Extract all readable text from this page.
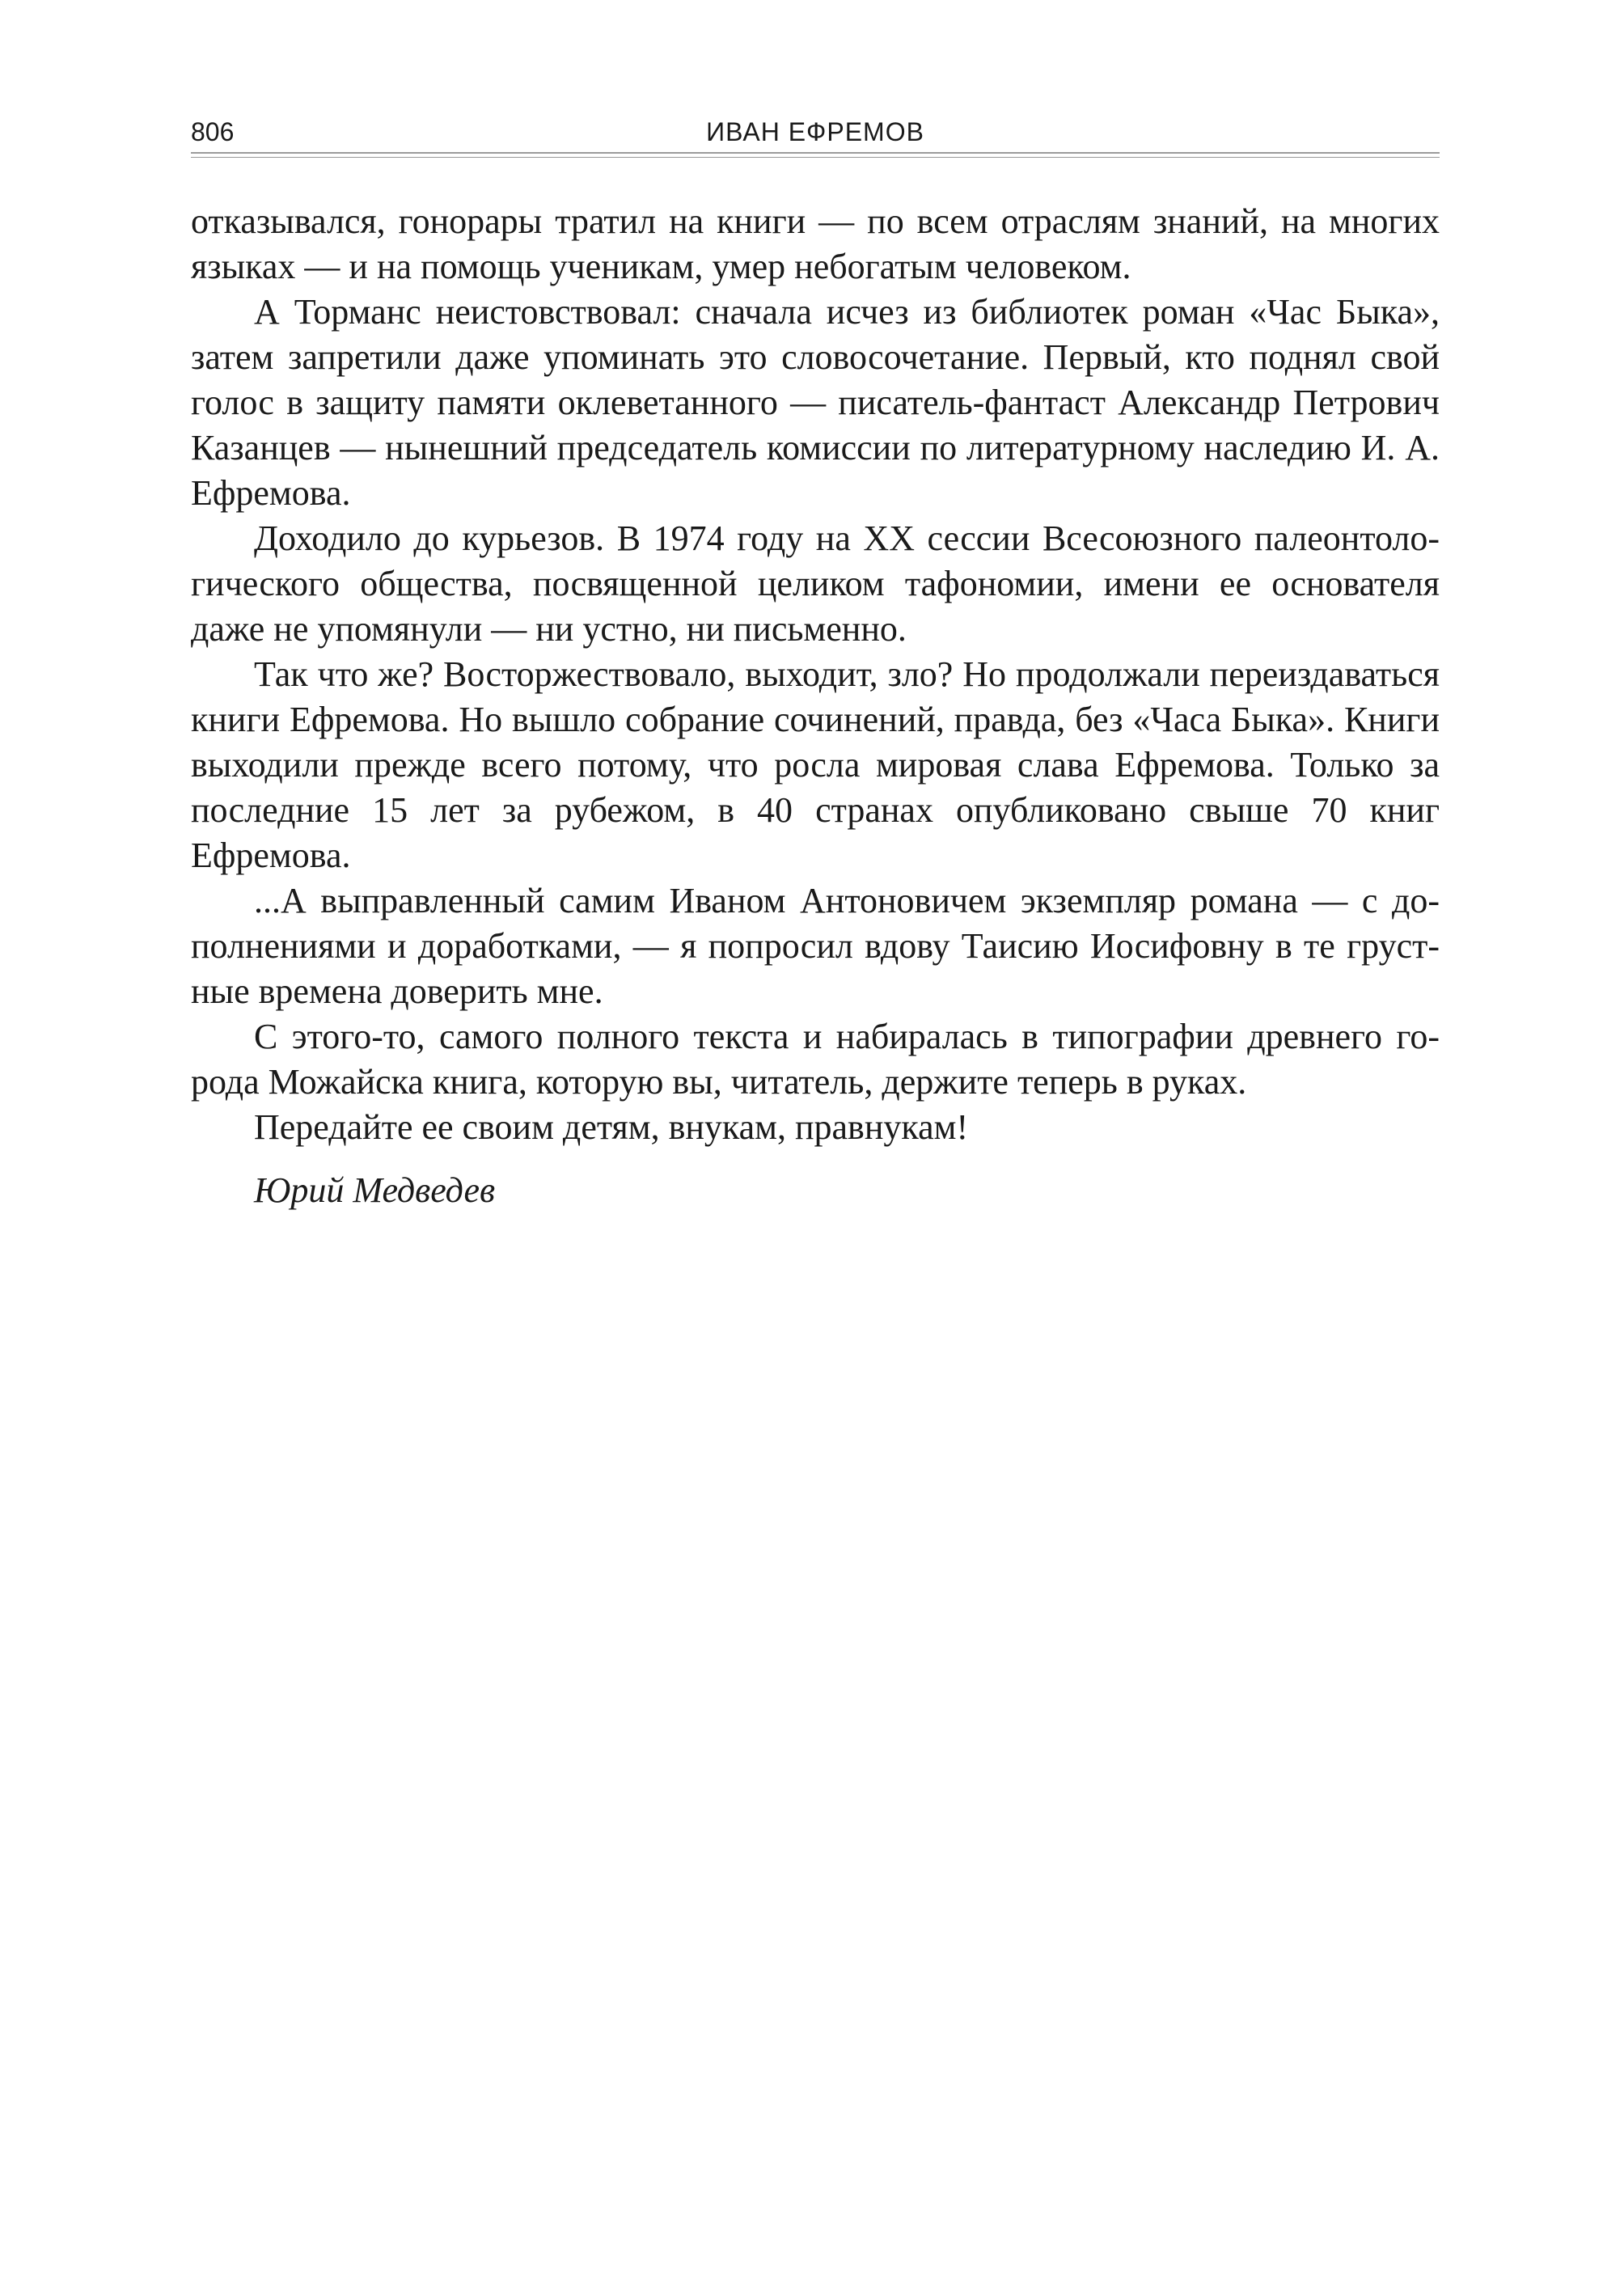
806	ИВАН ЕФРЕМОВ

отказывался, гонорары тратил на книги — по всем отраслям знаний, на многих языках — и на помощь ученикам, умер небогатым человеком.

А Торманс неистовствовал: сначала исчез из библиотек роман «Час Быка», затем запретили даже упоминать это словосочетание. Первый, кто поднял свой голос в защиту памяти оклеветанного — писатель-фантаст Александр Петрович Казанцев — нынешний председатель комиссии по литературному наследию И. А. Ефремова.

Доходило до курьезов. В 1974 году на XX сессии Всесоюзного палеонтологического общества, посвященной целиком тафономии, имени ее основателя даже не упомянули — ни устно, ни письменно.

Так что же? Восторжествовало, выходит, зло? Но продолжали переиздаваться книги Ефремова. Но вышло собрание сочинений, правда, без «Часа Быка». Книги выходили прежде всего потому, что росла мировая слава Ефремова. Только за последние 15 лет за рубежом, в 40 странах опубликовано свыше 70 книг Ефремова.

...А выправленный самим Иваном Антоновичем экземпляр романа — с дополнениями и доработками, — я попросил вдову Таисию Иосифовну в те грустные времена доверить мне.

С этого-то, самого полного текста и набиралась в типографии древнего города Можайска книга, которую вы, читатель, держите теперь в руках.

Передайте ее своим детям, внукам, правнукам!

Юрий Медведев
